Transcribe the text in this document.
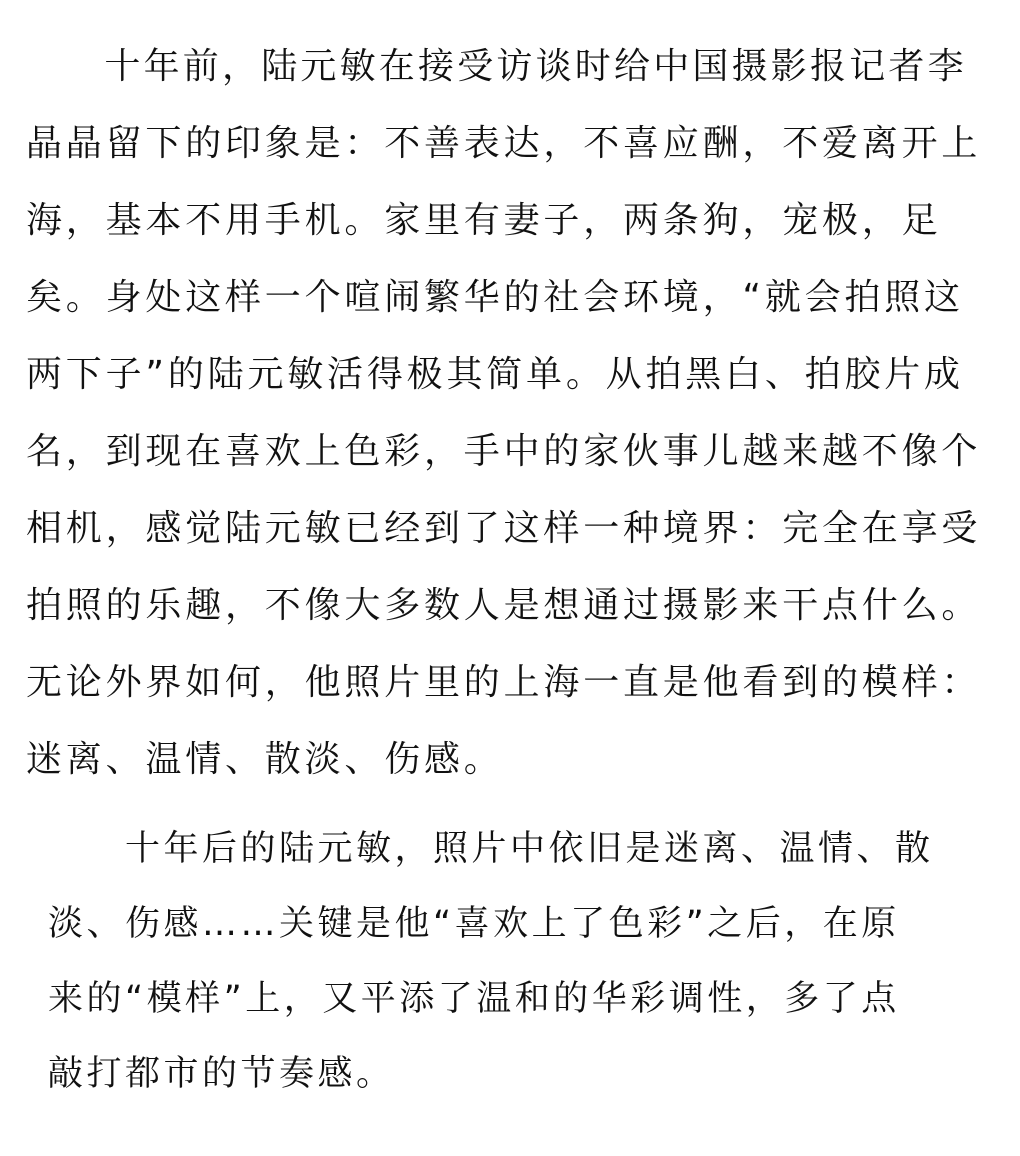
　　十年前，陆元敏在接受访谈时给中国摄影报记者李
晶晶留下的印象是：不善表达，不喜应酬，不爱离开上
海，基本不用手机。家里有妻子，两条狗，宠极，足
矣。身处这样一个喧闹繁华的社会环境，“就会拍照这
两下子”的陆元敏活得极其简单。从拍黑白、拍胶片成
名，到现在喜欢上色彩，手中的家伙事儿越来越不像个
相机，感觉陆元敏已经到了这样一种境界：完全在享受
拍照的乐趣，不像大多数人是想通过摄影来干点什么。
无论外界如何，他照片里的上海一直是他看到的模样：
迷离、温情、散淡、伤感。
　　十年后的陆元敏，照片中依旧是迷离、温情、散
淡、伤感……关键是他“喜欢上了色彩”之后，在原
来的“模样”上，又平添了温和的华彩调性，多了点
敲打都市的节奏感。
